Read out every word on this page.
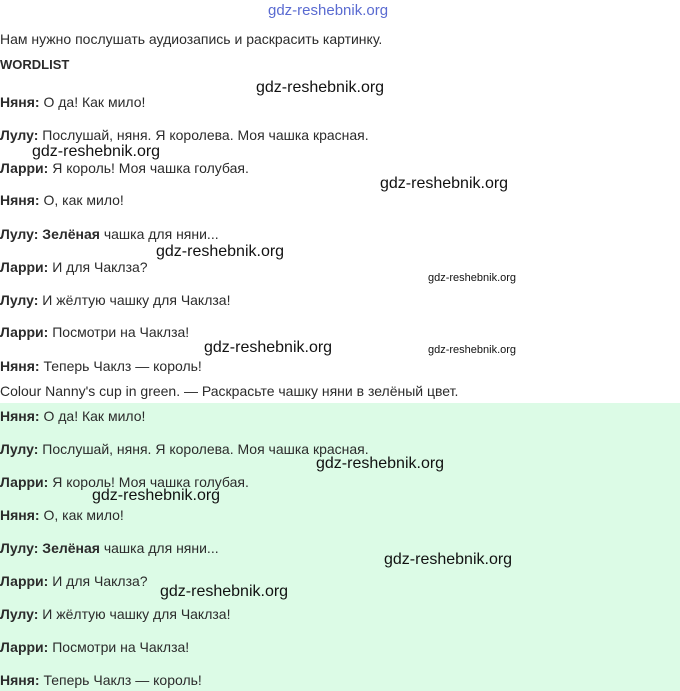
gdz-reshebnik.org
Нам нужно послушать аудиозапись и раскрасить картинку.
WORDLIST
Няня: О да! Как мило!
Лулу: Послушай, няня. Я королева. Моя чашка красная.
Ларри: Я король! Моя чашка голубая.
Няня: О, как мило!
Лулу: Зелёная чашка для няни...
Ларри: И для Чаклза?
Лулу: И жёлтую чашку для Чаклза!
Ларри: Посмотри на Чаклза!
Няня: Теперь Чаклз — король!
Colour Nanny's cup in green. — Раскрасьте чашку няни в зелёный цвет.
Няня: О да! Как мило!
Лулу: Послушай, няня. Я королева. Моя чашка красная.
Ларри: Я король! Моя чашка голубая.
Няня: О, как мило!
Лулу: Зелёная чашка для няни...
Ларри: И для Чаклза?
Лулу: И жёлтую чашку для Чаклза!
Ларри: Посмотри на Чаклза!
Няня: Теперь Чаклз — король!
gdz-reshebnik.org
gdz-reshebnik.org
gdz-reshebnik.org
gdz-reshebnik.org
gdz-reshebnik.org
gdz-reshebnik.org	gdz-reshebnik.org
gdz-reshebnik.org
gdz-reshebnik.org
gdz-reshebnik.org
gdz-reshebnik.org
